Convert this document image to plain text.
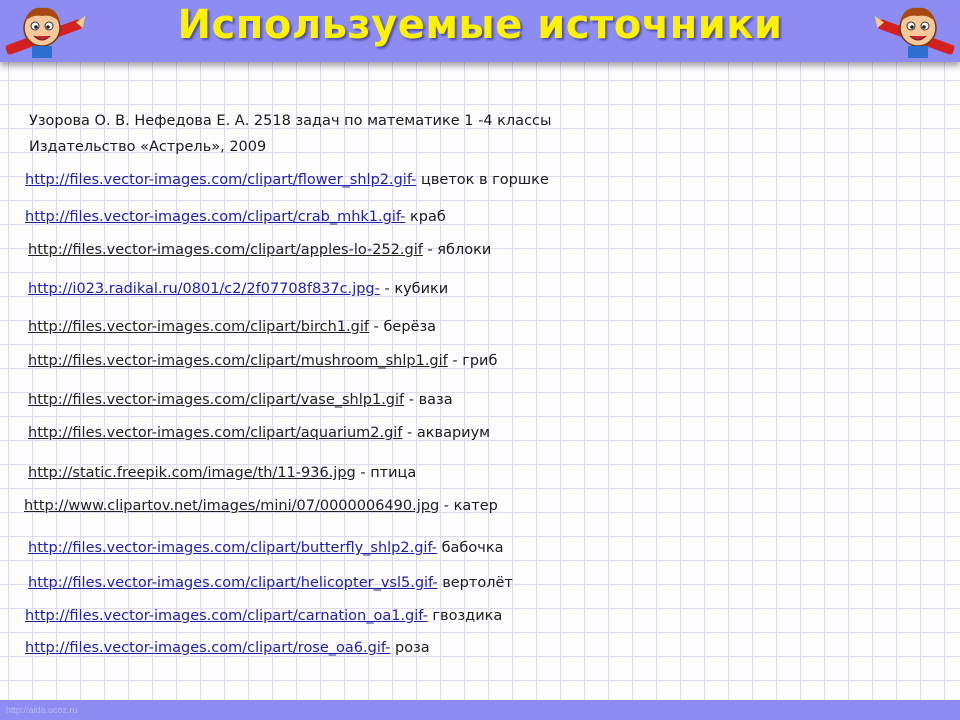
Используемые источники
Узорова О. В. Нефедова Е. А. 2518 задач по математике 1 -4 классы
Издательство «Астрель», 2009
http://files.vector-images.com/clipart/flower_shlp2.gif- цветок в горшке
http://files.vector-images.com/clipart/crab_mhk1.gif- краб
http://files.vector-images.com/clipart/apples-lo-252.gif - яблоки
http://i023.radikal.ru/0801/c2/2f07708f837c.jpg- - кубики
http://files.vector-images.com/clipart/birch1.gif - берёза
http://files.vector-images.com/clipart/mushroom_shlp1.gif - гриб
http://files.vector-images.com/clipart/vase_shlp1.gif - ваза
http://files.vector-images.com/clipart/aquarium2.gif - аквариум
http://static.freepik.com/image/th/11-936.jpg - птица
http://www.clipartov.net/images/mini/07/0000006490.jpg - катер
http://files.vector-images.com/clipart/butterfly_shlp2.gif- бабочка
http://files.vector-images.com/clipart/helicopter_vsl5.gif- вертолёт
http://files.vector-images.com/clipart/carnation_oa1.gif- гвоздика
http://files.vector-images.com/clipart/rose_oa6.gif- роза
http://aida.ucoz.ru
